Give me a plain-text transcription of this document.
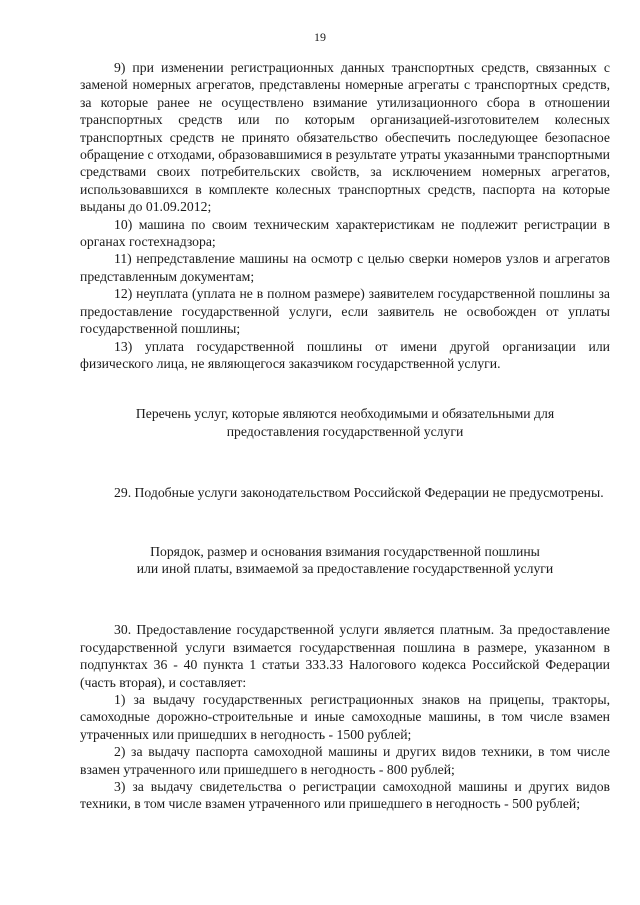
19

9) при изменении регистрационных данных транспортных средств, связанных с заменой номерных агрегатов, представлены номерные агрегаты с транспортных средств, за которые ранее не осуществлено взимание утилизационного сбора в отношении транспортных средств или по которым организацией-изготовителем колесных транспортных средств не принято обязательство обеспечить последующее безопасное обращение с отходами, образовавшимися в результате утраты указанными транспортными средствами своих потребительских свойств, за исключением номерных агрегатов, использовавшихся в комплекте колесных транспортных средств, паспорта на которые выданы до 01.09.2012;

10) машина по своим техническим характеристикам не подлежит регистрации в органах гостехнадзора;

11) непредставление машины на осмотр с целью сверки номеров узлов и агрегатов представленным документам;

12) неуплата (уплата не в полном размере) заявителем государственной пошлины за предоставление государственной услуги, если заявитель не освобожден от уплаты государственной пошлины;

13) уплата государственной пошлины от имени другой организации или физического лица, не являющегося заказчиком государственной услуги.

Перечень услуг, которые являются необходимыми и обязательными для предоставления государственной услуги

29. Подобные услуги законодательством Российской Федерации не предусмотрены.

Порядок, размер и основания взимания государственной пошлины
или иной платы, взимаемой за предоставление государственной услуги

30. Предоставление государственной услуги является платным. За предоставление государственной услуги взимается государственная пошлина в размере, указанном в подпунктах 36 - 40 пункта 1 статьи 333.33 Налогового кодекса Российской Федерации (часть вторая), и составляет:

1) за выдачу государственных регистрационных знаков на прицепы, тракторы, самоходные дорожно-строительные и иные самоходные машины, в том числе взамен утраченных или пришедших в негодность - 1500 рублей;

2) за выдачу паспорта самоходной машины и других видов техники, в том числе взамен утраченного или пришедшего в негодность - 800 рублей;

3) за выдачу свидетельства о регистрации самоходной машины и других видов техники, в том числе взамен утраченного или пришедшего в негодность - 500 рублей;
